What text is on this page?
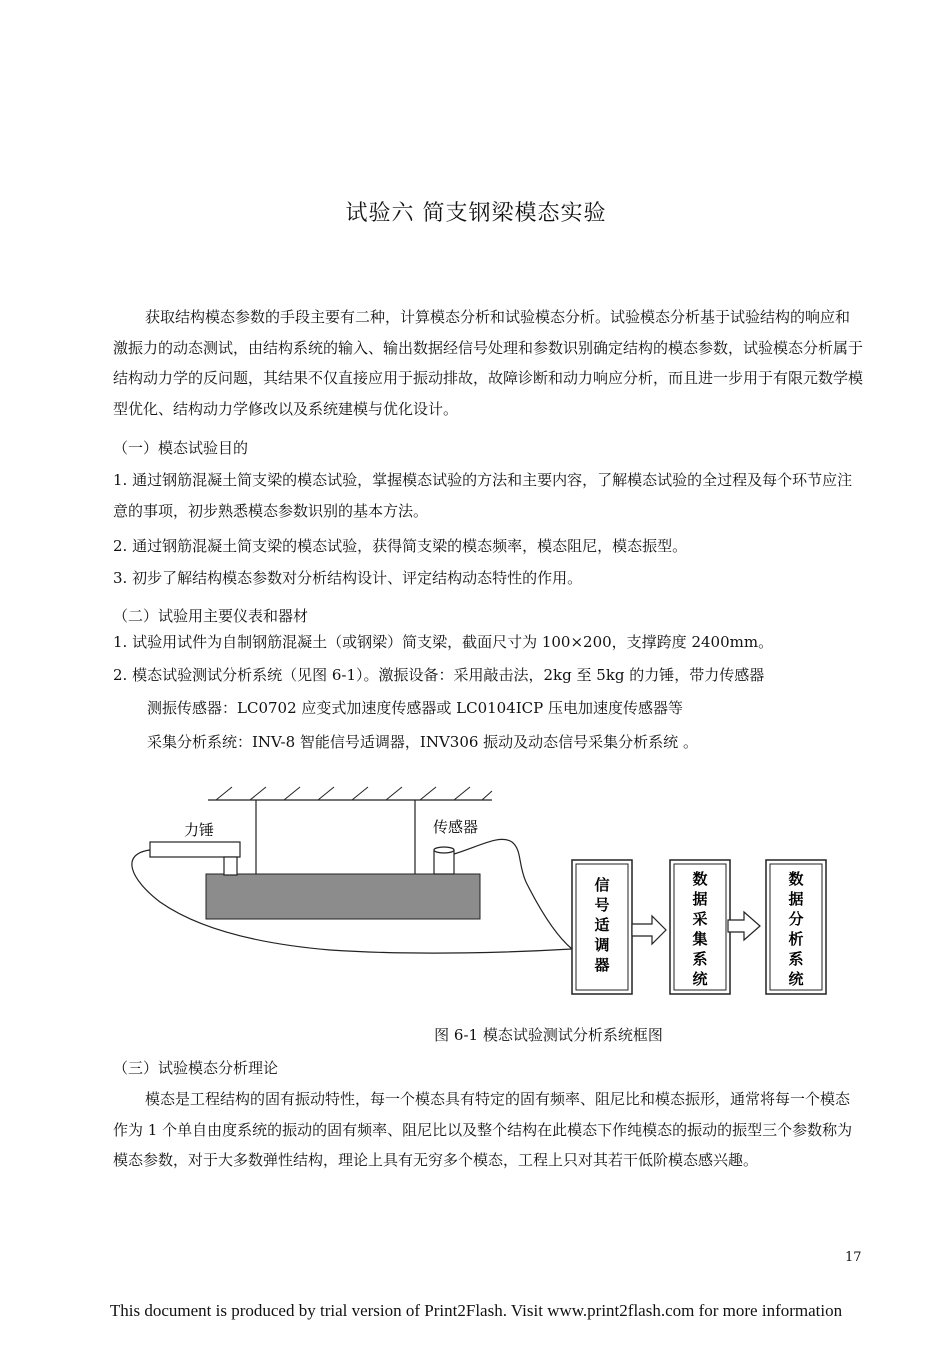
试验六 简支钢梁模态实验

获取结构模态参数的手段主要有二种，计算模态分析和试验模态分析。试验模态分析基于试验结构的响应和激振力的动态测试，由结构系统的输入、输出数据经信号处理和参数识别确定结构的模态参数，试验模态分析属于结构动力学的反问题，其结果不仅直接应用于振动排故，故障诊断和动力响应分析，而且进一步用于有限元数学模型优化、结构动力学修改以及系统建模与优化设计。

（一）模态试验目的

1. 通过钢筋混凝土简支梁的模态试验，掌握模态试验的方法和主要内容，了解模态试验的全过程及每个环节应注意的事项，初步熟悉模态参数识别的基本方法。

2. 通过钢筋混凝土简支梁的模态试验，获得简支梁的模态频率，模态阻尼，模态振型。

3. 初步了解结构模态参数对分析结构设计、评定结构动态特性的作用。

（二）试验用主要仪表和器材

1. 试验用试件为自制钢筋混凝土（或钢梁）简支梁，截面尺寸为 100×200，支撑跨度 2400mm。

2. 模态试验测试分析系统（见图 6-1）。激振设备：采用敲击法，2kg 至 5kg 的力锤，带力传感器

测振传感器：LC0702 应变式加速度传感器或 LC0104ICP 压电加速度传感器等

采集分析系统：INV-8 智能信号适调器，INV306 振动及动态信号采集分析系统 。

力锤	传感器
信
号
适
调
器
数
据
采
集
系
统
数
据
分
析
系
统
图 6-1 模态试验测试分析系统框图

（三）试验模态分析理论

模态是工程结构的固有振动特性，每一个模态具有特定的固有频率、阻尼比和模态振形，通常将每一个模态作为 1 个单自由度系统的振动的固有频率、阻尼比以及整个结构在此模态下作纯模态的振动的振型三个参数称为模态参数，对于大多数弹性结构，理论上具有无穷多个模态，工程上只对其若干低阶模态感兴趣。

17
This document is produced by trial version of Print2Flash. Visit www.print2flash.com for more information
